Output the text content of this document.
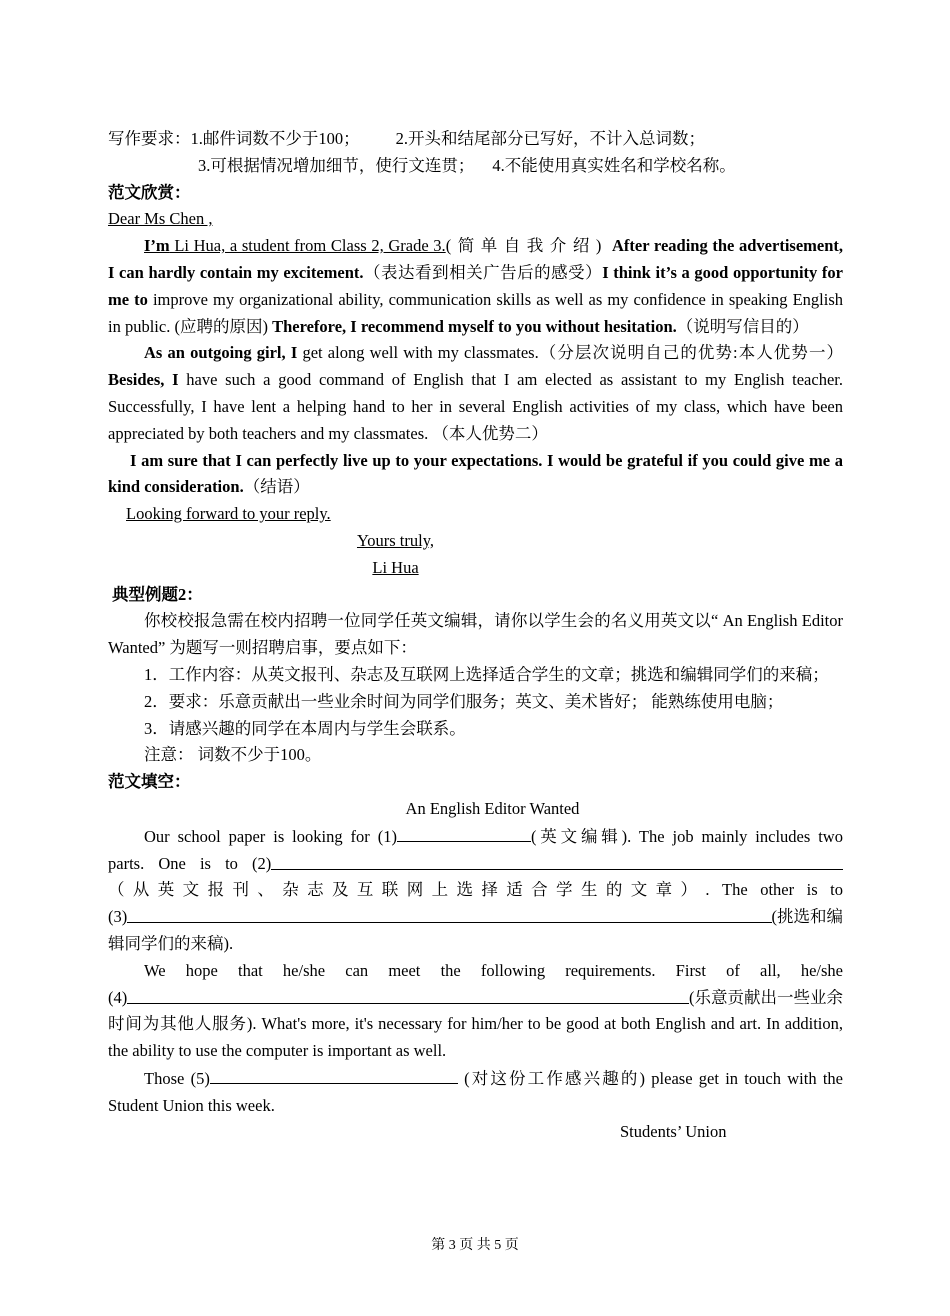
写作要求：1.邮件词数不少于100； 2.开头和结尾部分已写好，不计入总词数；
3.可根据情况增加细节，使行文连贯； 4.不能使用真实姓名和学校名称。
范文欣赏：
Dear Ms Chen ,
I’m Li Hua, a student from Class 2, Grade 3.(简单自我介绍) After reading the advertisement, I can hardly contain my excitement.（表达看到相关广告后的感受）I think it’s a good opportunity for me to improve my organizational ability, communication skills as well as my confidence in speaking English in public. (应聘的原因) Therefore, I recommend myself to you without hesitation.（说明写信目的）
As an outgoing girl, I get along well with my classmates.（分层次说明自己的优势:本人优势一） Besides, I have such a good command of English that I am elected as assistant to my English teacher. Successfully, I have lent a helping hand to her in several English activities of my class, which have been appreciated by both teachers and my classmates. （本人优势二）
I am sure that I can perfectly live up to your expectations. I would be grateful if you could give me a kind consideration.（结语）
Looking forward to your reply.
Yours truly,
Li Hua
典型例题2：
你校校报急需在校内招聘一位同学任英文编辑，请你以学生会的名义用英文以“ An English Editor Wanted” 为题写一则招聘启事，要点如下：
1．工作内容：从英文报刊、杂志及互联网上选择适合学生的文章；挑选和编辑同学们的来稿；
2．要求：乐意贡献出一些业余时间为同学们服务；英文、美术皆好； 能熟练使用电脑；
3．请感兴趣的同学在本周内与学生会联系。
注意： 词数不少于100。
范文填空：
An English Editor Wanted
Our school paper is looking for (1)	(英文编辑). The job mainly includes two
parts. One is to (2)
（从英文报刊、杂志及互联网上选择适合学生的文章）. The other is to
(3)	(挑选和编
辑同学们的来稿).
We hope that he/she can meet the following requirements. First of all, he/she
(4)	(乐意贡献出一些业余
时间为其他人服务). What's more, it's necessary for him/her to be good at both English and art. In addition, the ability to use the computer is important as well.
Those (5)	(对这份工作感兴趣的) please get in touch with the Student Union this week.
Students’ Union
第 3 页 共 5 页
